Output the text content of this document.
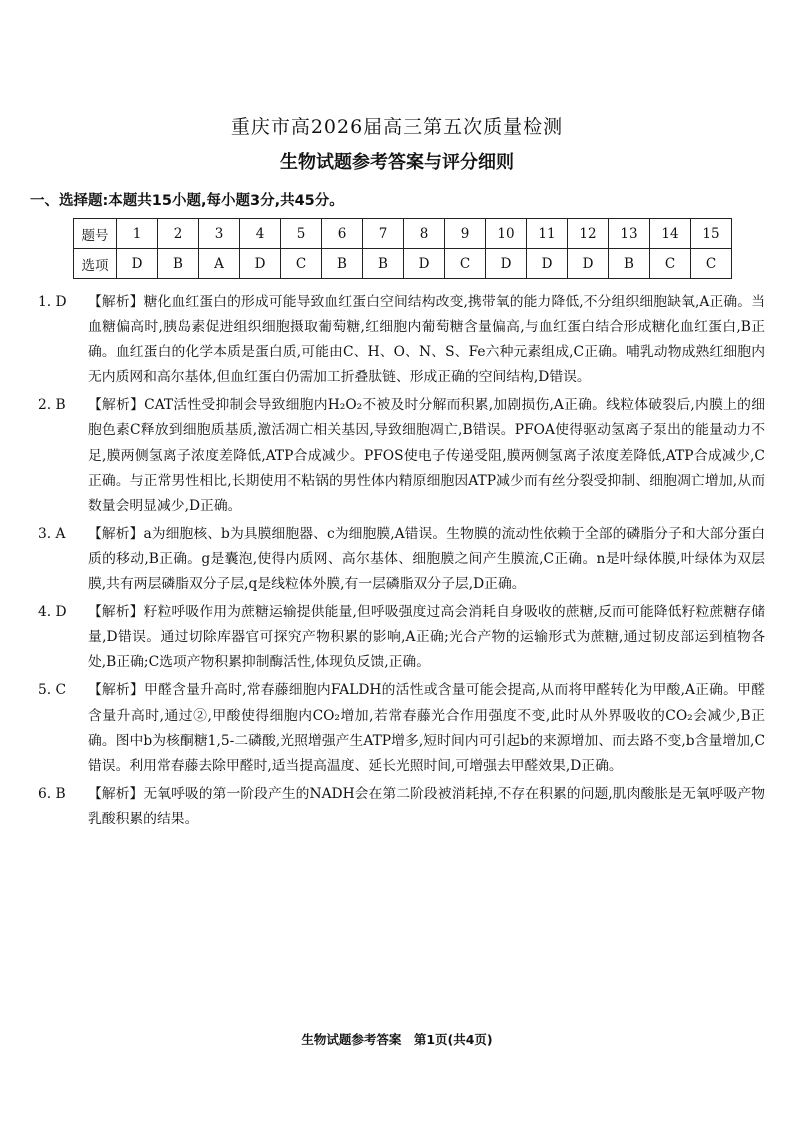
重庆市高2026届高三第五次质量检测
生物试题参考答案与评分细则
一、选择题:本题共15小题,每小题3分,共45分。
题号	1	2	3	4	5	6	7	8	9	10	11	12	13	14	15
选项	D	B	A	D	C	B	B	D	C	D	D	D	B	C	C
1. D	【解析】糖化血红蛋白的形成可能导致血红蛋白空间结构改变,携带氧的能力降低,不分组织细胞缺氧,A正确。当血糖偏高时,胰岛素促进组织细胞摄取葡萄糖,红细胞内葡萄糖含量偏高,与血红蛋白结合形成糖化血红蛋白,B正确。血红蛋白的化学本质是蛋白质,可能由C、H、O、N、S、Fe六种元素组成,C正确。哺乳动物成熟红细胞内无内质网和高尔基体,但血红蛋白仍需加工折叠肽链、形成正确的空间结构,D错误。
2. B	【解析】CAT活性受抑制会导致细胞内H₂O₂不被及时分解而积累,加剧损伤,A正确。线粒体破裂后,内膜上的细胞色素C释放到细胞质基质,激活凋亡相关基因,导致细胞凋亡,B错误。PFOA使得驱动氢离子泵出的能量动力不足,膜两侧氢离子浓度差降低,ATP合成减少。PFOS使电子传递受阻,膜两侧氢离子浓度差降低,ATP合成减少,C正确。与正常男性相比,长期使用不粘锅的男性体内精原细胞因ATP减少而有丝分裂受抑制、细胞凋亡增加,从而数量会明显减少,D正确。
3. A	【解析】a为细胞核、b为具膜细胞器、c为细胞膜,A错误。生物膜的流动性依赖于全部的磷脂分子和大部分蛋白质的移动,B正确。g是囊泡,使得内质网、高尔基体、细胞膜之间产生膜流,C正确。n是叶绿体膜,叶绿体为双层膜,共有两层磷脂双分子层,q是线粒体外膜,有一层磷脂双分子层,D正确。
4. D	【解析】籽粒呼吸作用为蔗糖运输提供能量,但呼吸强度过高会消耗自身吸收的蔗糖,反而可能降低籽粒蔗糖存储量,D错误。通过切除库器官可探究产物积累的影响,A正确;光合产物的运输形式为蔗糖,通过韧皮部运到植物各处,B正确;C选项产物积累抑制酶活性,体现负反馈,正确。
5. C	【解析】甲醛含量升高时,常春藤细胞内FALDH的活性或含量可能会提高,从而将甲醛转化为甲酸,A正确。甲醛含量升高时,通过②,甲酸使得细胞内CO₂增加,若常春藤光合作用强度不变,此时从外界吸收的CO₂会减少,B正确。图中b为核酮糖1,5-二磷酸,光照增强产生ATP增多,短时间内可引起b的来源增加、而去路不变,b含量增加,C错误。利用常春藤去除甲醛时,适当提高温度、延长光照时间,可增强去甲醛效果,D正确。
6. B	【解析】无氧呼吸的第一阶段产生的NADH会在第二阶段被消耗掉,不存在积累的问题,肌肉酸胀是无氧呼吸产物乳酸积累的结果。
生物试题参考答案　第1页(共4页)
